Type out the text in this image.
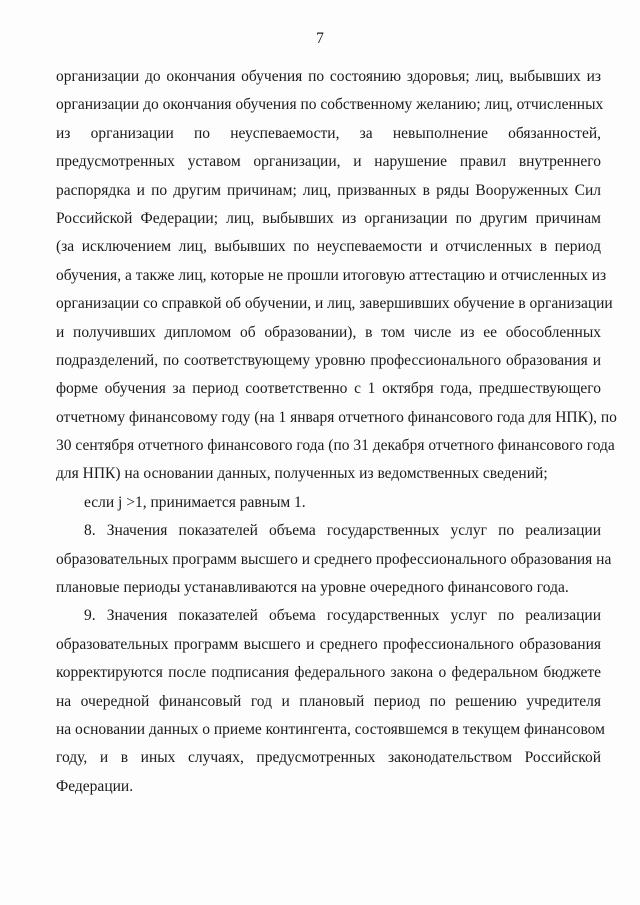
7
организации до окончания обучения по состоянию здоровья; лиц, выбывших из
организации до окончания обучения по собственному желанию; лиц, отчисленных
из организации по неуспеваемости, за невыполнение обязанностей,
предусмотренных уставом организации, и нарушение правил внутреннего
распорядка и по другим причинам; лиц, призванных в ряды Вооруженных Сил
Российской Федерации; лиц, выбывших из организации по другим причинам
(за исключением лиц, выбывших по неуспеваемости и отчисленных в период
обучения, а также лиц, которые не прошли итоговую аттестацию и отчисленных из
организации со справкой об обучении, и лиц, завершивших обучение в организации
и получивших дипломом об образовании), в том числе из ее обособленных
подразделений, по соответствующему уровню профессионального образования и
форме обучения за период соответственно с 1 октября года, предшествующего
отчетному финансовому году (на 1 января отчетного финансового года для НПК), по
30 сентября отчетного финансового года (по 31 декабря отчетного финансового года
для НПК) на основании данных, полученных из ведомственных сведений;
если j >1, принимается равным 1.
8. Значения показателей объема государственных услуг по реализации
образовательных программ высшего и среднего профессионального образования на
плановые периоды устанавливаются на уровне очередного финансового года.
9. Значения показателей объема государственных услуг по реализации
образовательных программ высшего и среднего профессионального образования
корректируются после подписания федерального закона о федеральном бюджете
на очередной финансовый год и плановый период по решению учредителя
на основании данных о приеме контингента, состоявшемся в текущем финансовом
году, и в иных случаях, предусмотренных законодательством Российской
Федерации.
